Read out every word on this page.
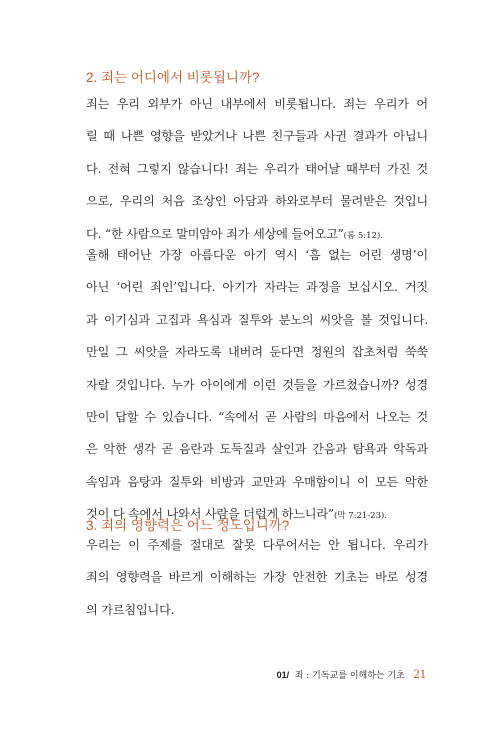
2. 죄는 어디에서 비롯됩니까?

죄는 우리 외부가 아닌 내부에서 비롯됩니다. 죄는 우리가 어
릴 때 나쁜 영향을 받았거나 나쁜 친구들과 사귄 결과가 아닙니
다. 전혀 그렇지 않습니다! 죄는 우리가 태어날 때부터 가진 것
으로, 우리의 처음 조상인 아담과 하와로부터 물려받은 것입니
다. “한 사람으로 말미암아 죄가 세상에 들어오고”(롬 5:12).

올해 태어난 가장 아름다운 아기 역시 ‘흠 없는 어린 생명’이
아닌 ‘어린 죄인’입니다. 아기가 자라는 과정을 보십시오. 거짓
과 이기심과 고집과 욕심과 질투와 분노의 씨앗을 볼 것입니다.
만일 그 씨앗을 자라도록 내버려 둔다면 정원의 잡초처럼 쑥쑥
자랄 것입니다. 누가 아이에게 이런 것들을 가르쳤습니까? 성경
만이 답할 수 있습니다. “속에서 곧 사람의 마음에서 나오는 것
은 악한 생각 곧 음란과 도둑질과 살인과 간음과 탐욕과 악독과
속임과 음탕과 질투와 비방과 교만과 우매함이니 이 모든 악한
것이 다 속에서 나와서 사람을 더럽게 하느니라”(막 7:21-23).

3. 죄의 영향력은 어느 정도입니까?

우리는 이 주제를 절대로 잘못 다루어서는 안 됩니다. 우리가
죄의 영향력을 바르게 이해하는 가장 안전한 기초는 바로 성경
의 가르침입니다.

01/ 죄 : 기독교를 이해하는 기초 21
